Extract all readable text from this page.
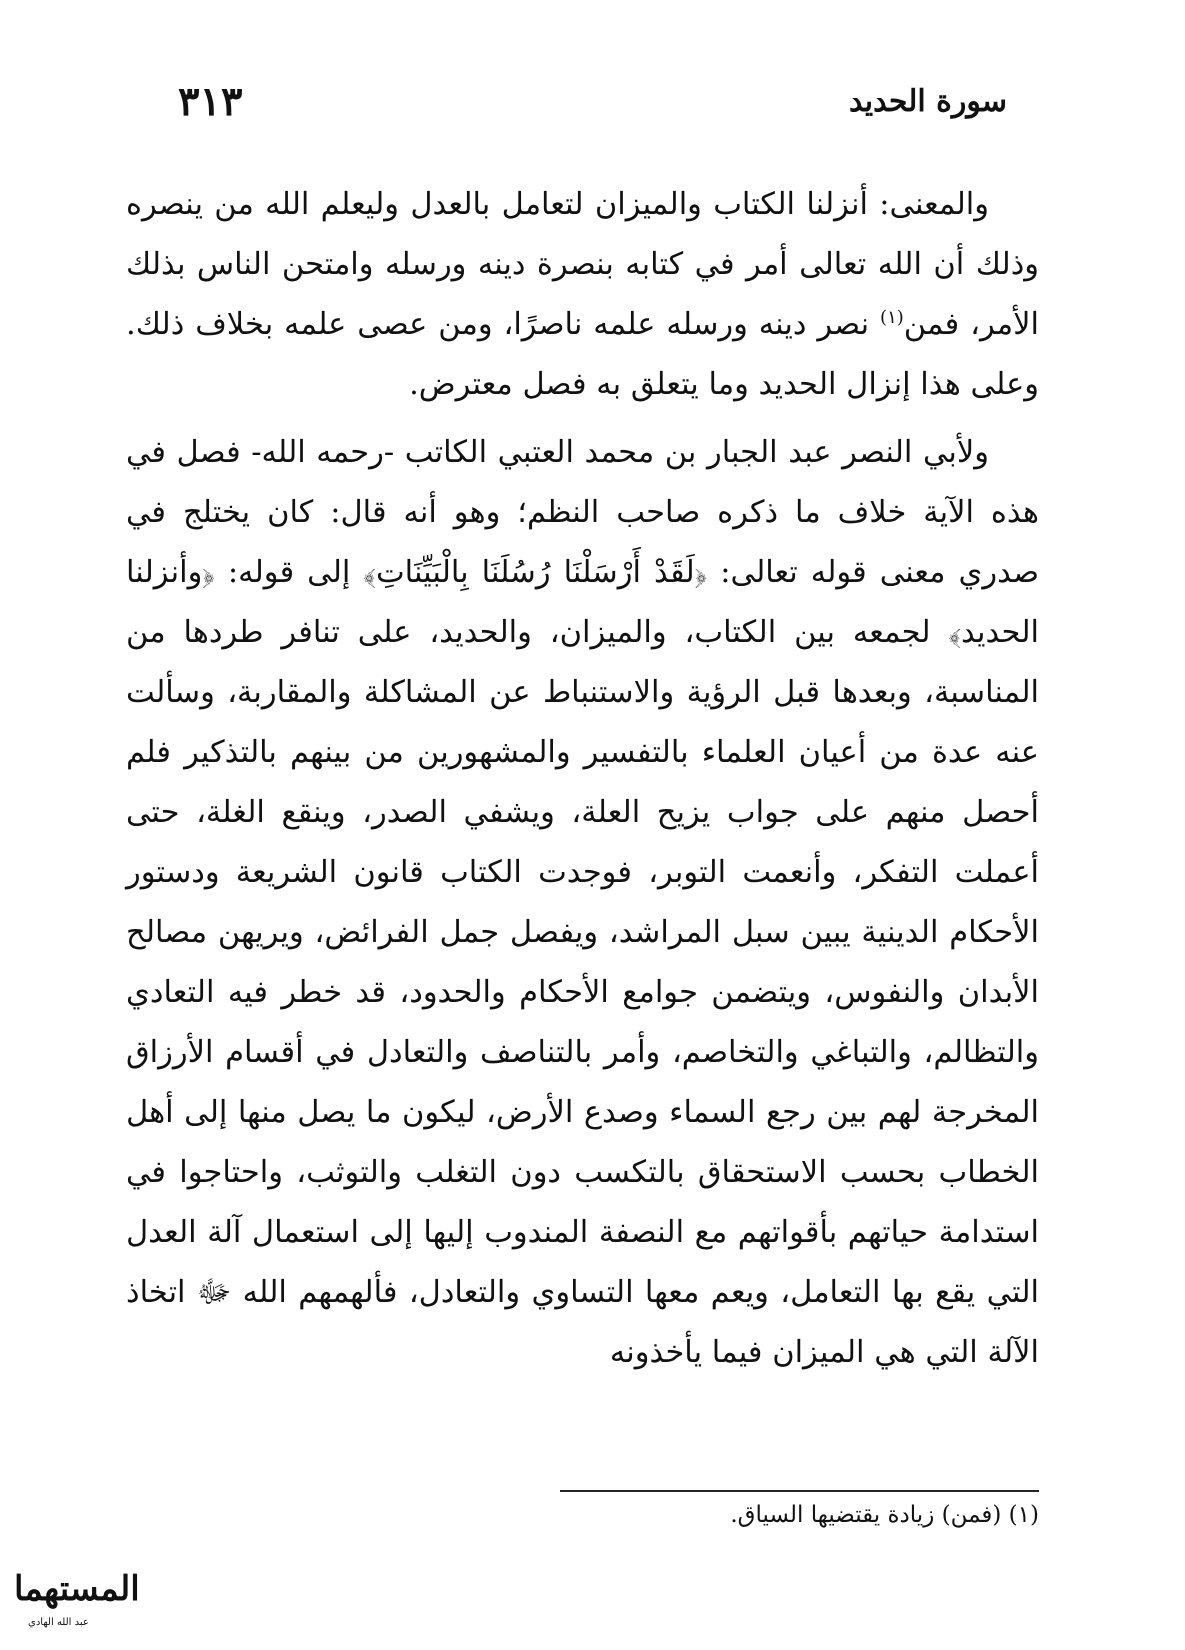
سورة الحديد
٣١٣

والمعنى: أنزلنا الكتاب والميزان لتعامل بالعدل وليعلم الله من ينصره وذلك أن الله تعالى أمر في كتابه بنصرة دينه ورسله وامتحن الناس بذلك الأمر، فمن$^{(١)}$ نصر دينه ورسله علمه ناصرًا، ومن عصى علمه بخلاف ذلك. وعلى هذا إنزال الحديد وما يتعلق به فصل معترض.

ولأبي النصر عبد الجبار بن محمد العتبي الكاتب -رحمه الله- فصل في هذه الآية خلاف ما ذكره صاحب النظم؛ وهو أنه قال: كان يختلج في صدري معنى قوله تعالى: ﴿لَقَدْ أَرْسَلْنَا رُسُلَنَا بِالْبَيِّنَاتِ﴾ إلى قوله: ﴿وأنزلنا الحديد﴾ لجمعه بين الكتاب، والميزان، والحديد، على تنافر طردها من المناسبة، وبعدها قبل الرؤية والاستنباط عن المشاكلة والمقاربة، وسألت عنه عدة من أعيان العلماء بالتفسير والمشهورين من بينهم بالتذكير فلم أحصل منهم على جواب يزيح العلة، ويشفي الصدر، وينقع الغلة، حتى أعملت التفكر، وأنعمت التوبر، فوجدت الكتاب قانون الشريعة ودستور الأحكام الدينية يبين سبل المراشد، ويفصل جمل الفرائض، ويريهن مصالح الأبدان والنفوس، ويتضمن جوامع الأحكام والحدود، قد خطر فيه التعادي والتظالم، والتباغي والتخاصم، وأمر بالتناصف والتعادل في أقسام الأرزاق المخرجة لهم بين رجع السماء وصدع الأرض، ليكون ما يصل منها إلى أهل الخطاب بحسب الاستحقاق بالتكسب دون التغلب والتوثب، واحتاجوا في استدامة حياتهم بأقواتهم مع النصفة المندوب إليها إلى استعمال آلة العدل التي يقع بها التعامل، ويعم معها التساوي والتعادل، فألهمهم الله ﷻ اتخاذ الآلة التي هي الميزان فيما يأخذونه

(١) (فمن) زيادة يقتضيها السياق.
المستهما
عبد الله الهادي
